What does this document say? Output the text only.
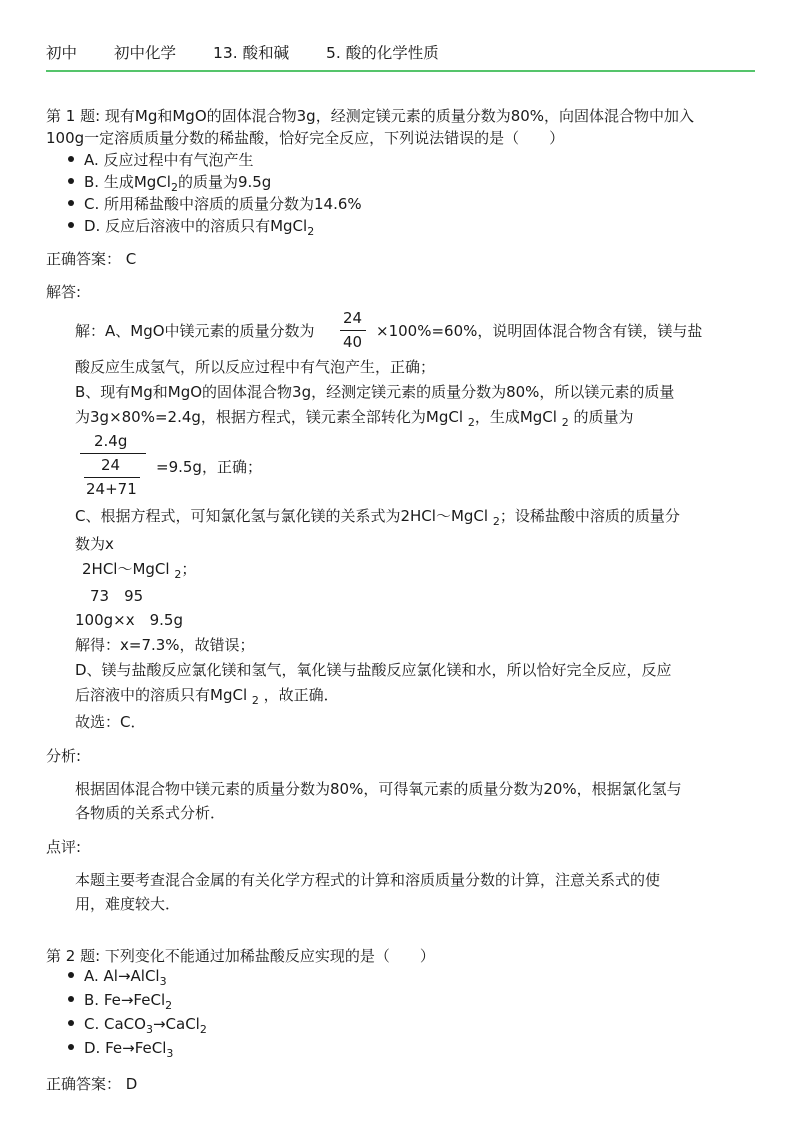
初中 初中化学 13. 酸和碱 5. 酸的化学性质
第 1 题: 现有Mg和MgO的固体混合物3g，经测定镁元素的质量分数为80%，向固体混合物中加入
100g一定溶质质量分数的稀盐酸，恰好完全反应，下列说法错误的是（　　）
A. 反应过程中有气泡产生
B. 生成MgCl$_2$的质量为9.5g
C. 所用稀盐酸中溶质的质量分数为14.6%
D. 反应后溶液中的溶质只有MgCl$_2$
正确答案： C
解答:
解：A、MgO中镁元素的质量分数为
24
40
×100%=60%，说明固体混合物含有镁，镁与盐
酸反应生成氢气，所以反应过程中有气泡产生，正确；
B、现有Mg和MgO的固体混合物3g，经测定镁元素的质量分数为80%，所以镁元素的质量
为3g×80%=2.4g，根据方程式，镁元素全部转化为MgCl $_2$，生成MgCl $_2$ 的质量为
2.4g
24
24+71
=9.5g，正确；
C、根据方程式，可知氯化氢与氯化镁的关系式为2HCl～MgCl $_2$；设稀盐酸中溶质的质量分
数为x
2HCl～MgCl $_2$；
73　95
100g×x　9.5g
解得：x=7.3%，故错误；
D、镁与盐酸反应氯化镁和氢气，氧化镁与盐酸反应氯化镁和水，所以恰好完全反应，反应
后溶液中的溶质只有MgCl $_2$ ，故正确．
故选：C．
分析:
根据固体混合物中镁元素的质量分数为80%，可得氧元素的质量分数为20%，根据氯化氢与
各物质的关系式分析．
点评:
本题主要考查混合金属的有关化学方程式的计算和溶质质量分数的计算，注意关系式的使
用，难度较大．
第 2 题: 下列变化不能通过加稀盐酸反应实现的是（　　）
A. Al→AlCl$_3$
B. Fe→FeCl$_2$
C. CaCO$_3$→CaCl$_2$
D. Fe→FeCl$_3$
正确答案： D
